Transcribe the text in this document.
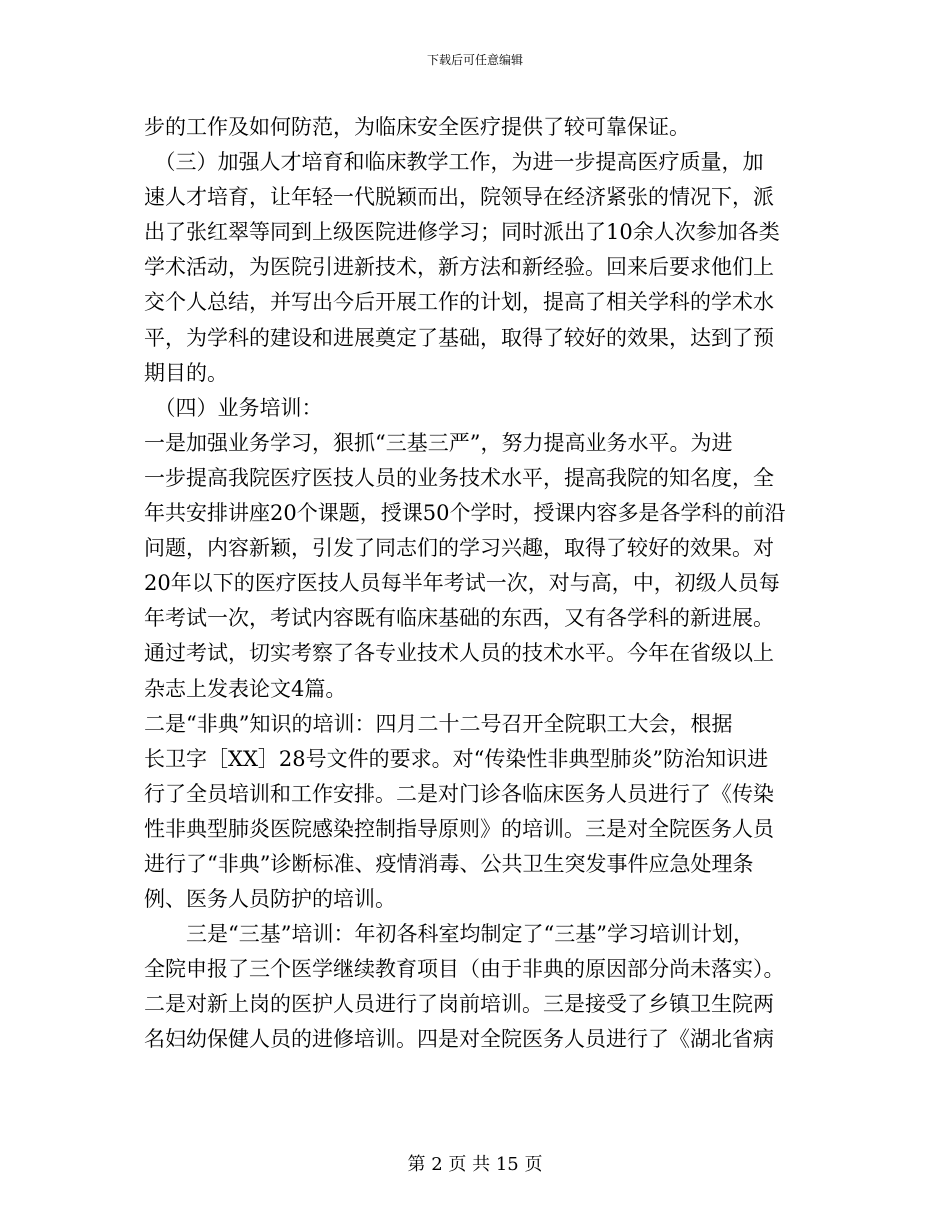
下载后可任意编辑
步的工作及如何防范，为临床安全医疗提供了较可靠保证。
　（三）加强人才培育和临床教学工作，为进一步提高医疗质量，加
速人才培育，让年轻一代脱颖而出，院领导在经济紧张的情况下，派
出了张红翠等同到上级医院进修学习；同时派出了10余人次参加各类
学术活动，为医院引进新技术，新方法和新经验。回来后要求他们上
交个人总结，并写出今后开展工作的计划，提高了相关学科的学术水
平，为学科的建设和进展奠定了基础，取得了较好的效果，达到了预
期目的。
　（四）业务培训：
一是加强业务学习，狠抓“三基三严”，努力提高业务水平。为进
一步提高我院医疗医技人员的业务技术水平，提高我院的知名度，全
年共安排讲座20个课题，授课50个学时，授课内容多是各学科的前沿
问题，内容新颖，引发了同志们的学习兴趣，取得了较好的效果。对
20年以下的医疗医技人员每半年考试一次，对与高，中，初级人员每
年考试一次，考试内容既有临床基础的东西，又有各学科的新进展。
通过考试，切实考察了各专业技术人员的技术水平。今年在省级以上
杂志上发表论文4篇。
二是“非典”知识的培训：四月二十二号召开全院职工大会，根据
长卫字［XX］28号文件的要求。对“传染性非典型肺炎”防治知识进
行了全员培训和工作安排。二是对门诊各临床医务人员进行了《传染
性非典型肺炎医院感染控制指导原则》的培训。三是对全院医务人员
进行了“非典”诊断标准、疫情消毒、公共卫生突发事件应急处理条
例、医务人员防护的培训。
　　三是“三基”培训：年初各科室均制定了“三基”学习培训计划，
全院申报了三个医学继续教育项目（由于非典的原因部分尚未落实）。
二是对新上岗的医护人员进行了岗前培训。三是接受了乡镇卫生院两
名妇幼保健人员的进修培训。四是对全院医务人员进行了《湖北省病
第 2 页 共 15 页
